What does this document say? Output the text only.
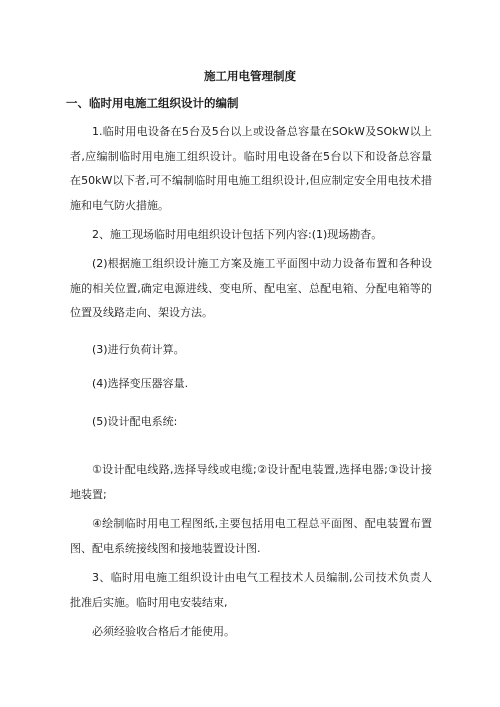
施工用电管理制度
一、临时用电施工组织设计的编制
1.临时用电设备在5台及5台以上或设备总容量在SOkW及SOkW以上者,应编制临时用电施工组织设计。临时用电设备在5台以下和设备总容量在50kW以下者,可不编制临时用电施工组织设计,但应制定安全用电技术措施和电气防火措施。
2、施工现场临时用电组织设计包括下列内容:(1)现场勘杳。
(2)根据施工组织设计施工方案及施工平面图中动力设备布置和各种设施的相关位置,确定电源进线、变电所、配电室、总配电箱、分配电箱等的位置及线路走向、架设方法。
(3)进行负荷计算。
(4)选择变压器容量.
(5)设计配电系统:
①设计配电线路,选择导线或电缆;②设计配电装置,选择电器;③设计接地装置;
④绘制临时用电工程图纸,主要包括用电工程总平面图、配电装置布置图、配电系统接线图和接地装置设计图.
3、临时用电施工组织设计由电气工程技术人员编制,公司技术负责人批准后实施。临时用电安装结束,
必须经验收合格后才能使用。
